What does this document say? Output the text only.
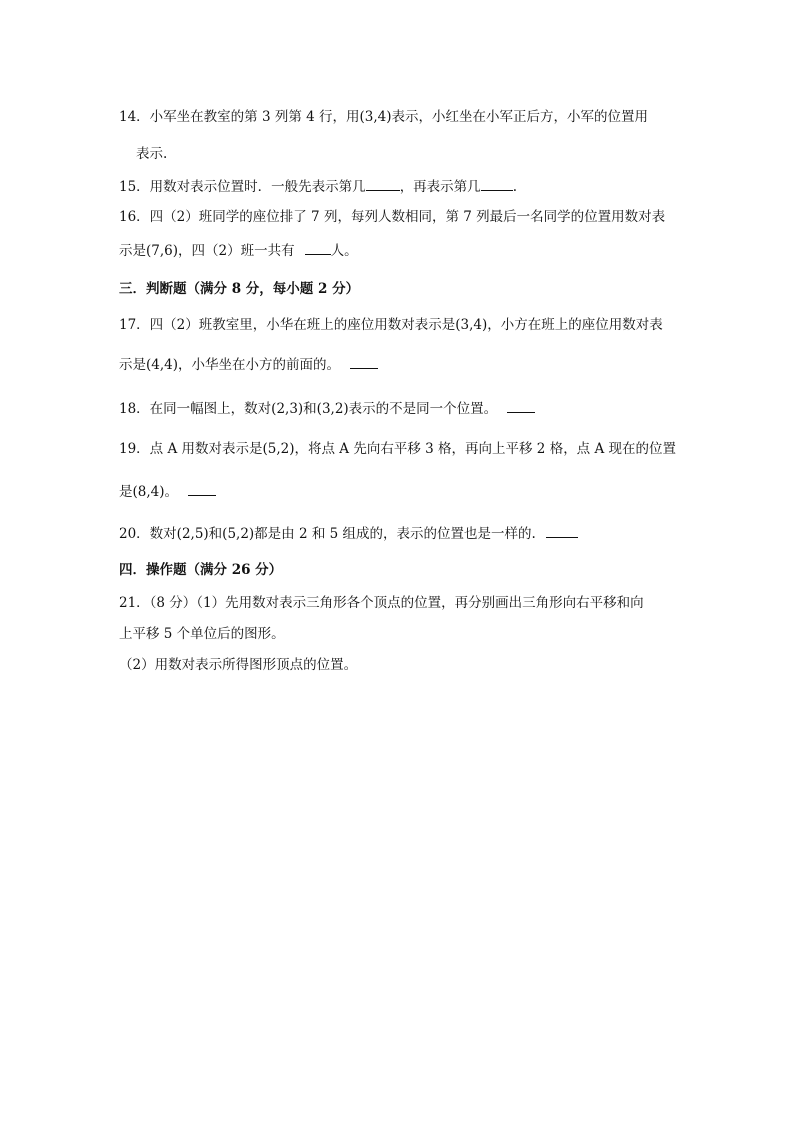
14．小军坐在教室的第 3 列第 4 行，用(3,4)表示，小红坐在小军正后方，小军的位置用
表示.
15．用数对表示位置时．一般先表示第几	，再表示第几 .
16．四（2）班同学的座位排了 7 列，每列人数相同，第 7 列最后一名同学的位置用数对表
示是(7,6)，四（2）班一共有	人。
三．判断题（满分 8 分，每小题 2 分）
17．四（2）班教室里，小华在班上的座位用数对表示是(3,4)，小方在班上的座位用数对表
示是(4,4)，小华坐在小方的前面的。
18．在同一幅图上，数对(2,3)和(3,2)表示的不是同一个位置。
19．点 A 用数对表示是(5,2)，将点 A 先向右平移 3 格，再向上平移 2 格，点 A 现在的位置
是(8,4)。
20．数对(2,5)和(5,2)都是由 2 和 5 组成的，表示的位置也是一样的.
四．操作题（满分 26 分）
21．（8 分）（1）先用数对表示三角形各个顶点的位置，再分别画出三角形向右平移和向
上平移 5 个单位后的图形。
（2）用数对表示所得图形顶点的位置。
